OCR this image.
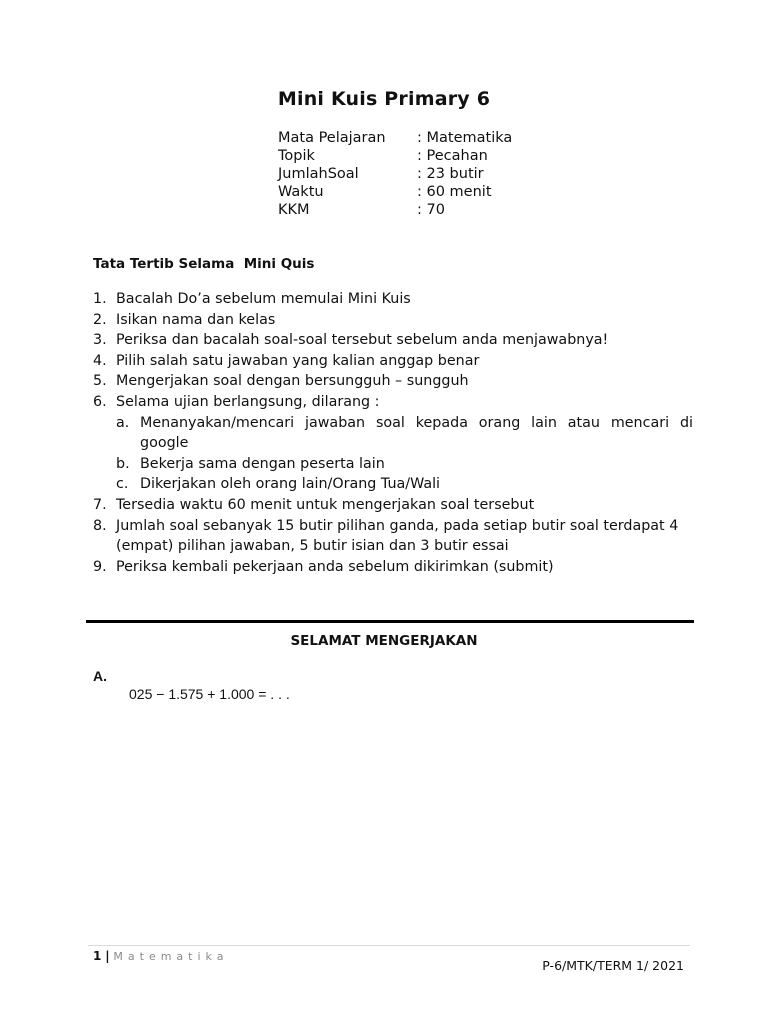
Mini Kuis Primary 6
Mata Pelajaran	: Matematika
Topik	: Pecahan
JumlahSoal	: 23 butir
Waktu	: 60 menit
KKM	: 70
Tata Tertib Selama  Mini Quis
1. Bacalah Do’a sebelum memulai Mini Kuis
2. Isikan nama dan kelas
3. Periksa dan bacalah soal-soal tersebut sebelum anda menjawabnya!
4. Pilih salah satu jawaban yang kalian anggap benar
5. Mengerjakan soal dengan bersungguh – sungguh
6. Selama ujian berlangsung, dilarang :
a. Menanyakan/mencari jawaban soal kepada orang lain atau mencari di google
b. Bekerja sama dengan peserta lain
c. Dikerjakan oleh orang lain/Orang Tua/Wali
7. Tersedia waktu 60 menit untuk mengerjakan soal tersebut
8. Jumlah soal sebanyak 15 butir pilihan ganda, pada setiap butir soal terdapat 4 (empat) pilihan jawaban, 5 butir isian dan 3 butir essai
9. Periksa kembali pekerjaan anda sebelum dikirimkan (submit)
SELAMAT MENGERJAKAN
A.
025 − 1.575 + 1.000 = . . .
1 | Matematika
P-6/MTK/TERM 1/ 2021
